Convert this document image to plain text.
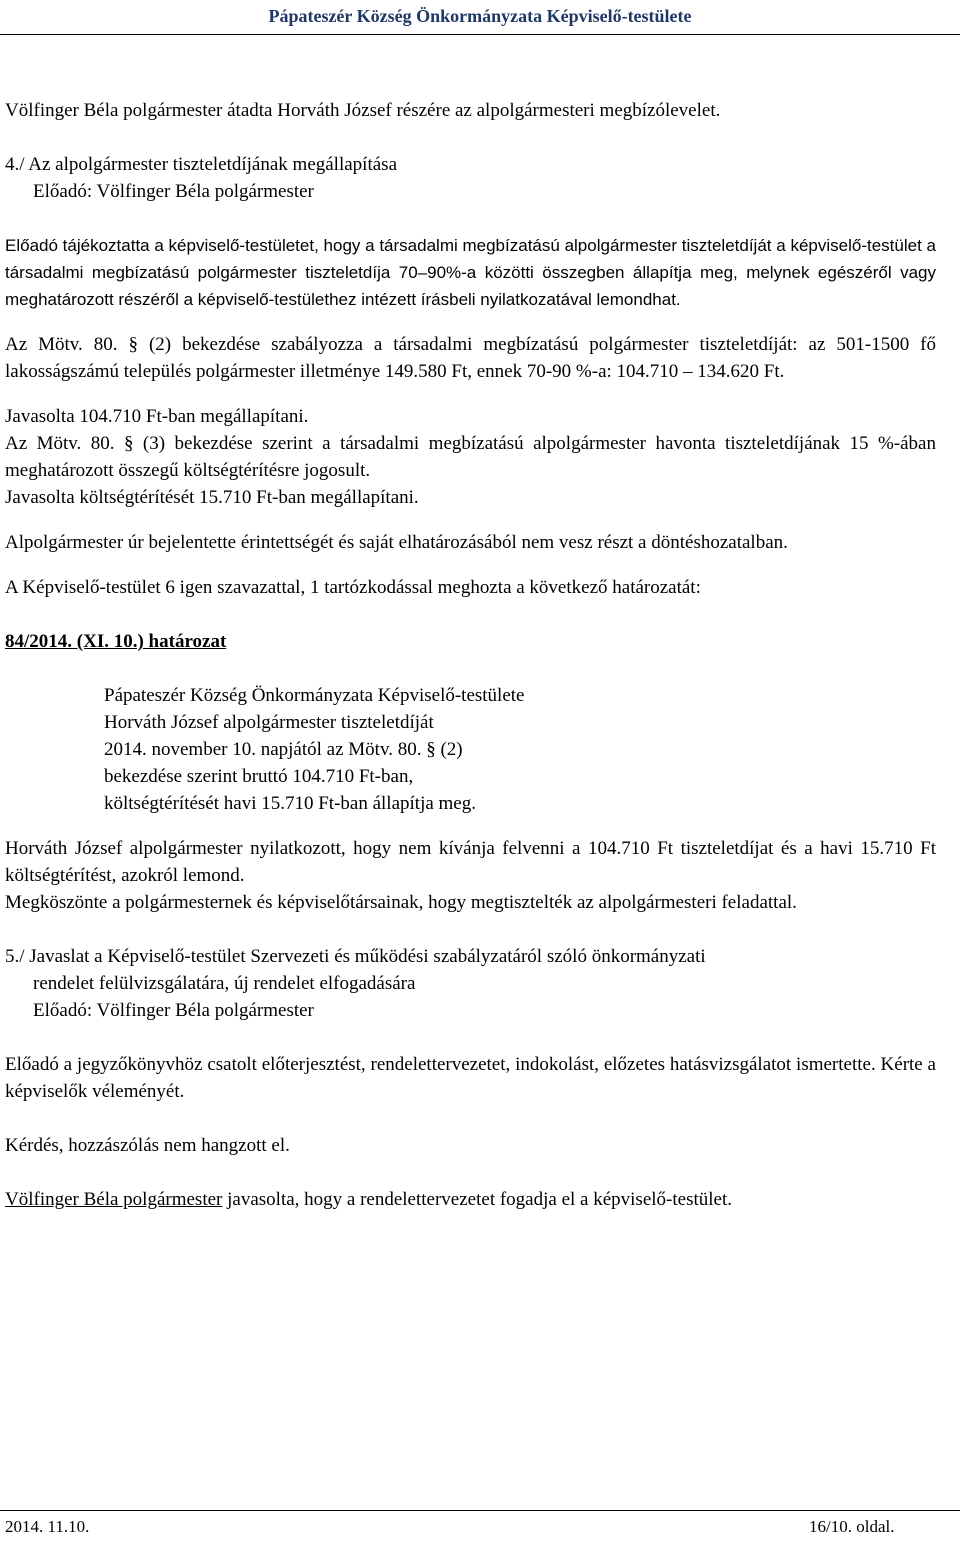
Pápateszér Község Önkormányzata Képviselő-testülete

Völfinger Béla polgármester átadta Horváth József részére az alpolgármesteri megbízólevelet.

4./ Az alpolgármester tiszteletdíjának megállapítása

Előadó: Völfinger Béla polgármester

Előadó tájékoztatta a képviselő-testületet, hogy a társadalmi megbízatású alpolgármester tiszteletdíját a képviselő-testület a társadalmi megbízatású polgármester tiszteletdíja 70–90%-a közötti összegben állapítja meg, melynek egészéről vagy meghatározott részéről a képviselő-testülethez intézett írásbeli nyilatkozatával lemondhat.

Az Mötv. 80. § (2) bekezdése szabályozza a társadalmi megbízatású polgármester tiszteletdíját: az 501-1500 fő lakosságszámú település polgármester illetménye 149.580 Ft, ennek 70-90 %-a: 104.710 – 134.620 Ft.

Javasolta 104.710 Ft-ban megállapítani.

Az Mötv. 80. § (3) bekezdése szerint a társadalmi megbízatású alpolgármester havonta tiszteletdíjának 15 %-ában meghatározott összegű költségtérítésre jogosult.

Javasolta költségtérítését 15.710 Ft-ban megállapítani.

Alpolgármester úr bejelentette érintettségét és saját elhatározásából nem vesz részt a döntéshozatalban.

A Képviselő-testület 6 igen szavazattal, 1 tartózkodással meghozta a következő határozatát:

84/2014. (XI. 10.) határozat

Pápateszér Község Önkormányzata Képviselő-testülete

Horváth József alpolgármester tiszteletdíját

2014. november 10. napjától az Mötv. 80. § (2)

bekezdése szerint bruttó 104.710 Ft-ban,

költségtérítését havi 15.710 Ft-ban állapítja meg.

Horváth József alpolgármester nyilatkozott, hogy nem kívánja felvenni a 104.710 Ft tiszteletdíjat és a havi 15.710 Ft költségtérítést, azokról lemond.

Megköszönte a polgármesternek és képviselőtársainak, hogy megtisztelték az alpolgármesteri feladattal.

5./ Javaslat a Képviselő-testület Szervezeti és működési szabályzatáról szóló önkormányzati

rendelet felülvizsgálatára, új rendelet elfogadására

Előadó: Völfinger Béla polgármester

Előadó a jegyzőkönyvhöz csatolt előterjesztést, rendelettervezetet, indokolást, előzetes hatásvizsgálatot ismertette. Kérte a képviselők véleményét.

Kérdés, hozzászólás nem hangzott el.

Völfinger Béla polgármester javasolta, hogy a rendelettervezetet fogadja el a képviselő-testület.

2014. 11.10.	16/10. oldal.
